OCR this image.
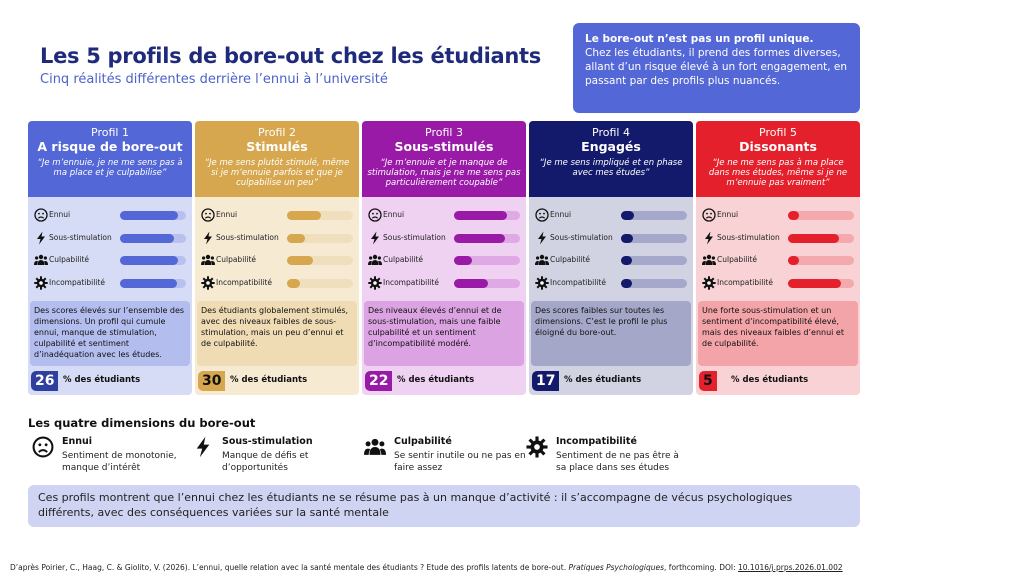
Les 5 profils de bore-out chez les étudiants
Cinq réalités différentes derrière l’ennui à l’université
Le bore-out n’est pas un profil unique.
Chez les étudiants, il prend des formes diverses, allant d’un risque élevé à un fort engagement, en passant par des profils plus nuancés.
Profil 1
A risque de bore-out
“Je m’ennuie, je ne me sens pas à ma place et je culpabilise”
Ennui
Sous-stimulation
Culpabilité
Incompatibilité
Des scores élevés sur l’ensemble des dimensions. Un profil qui cumule ennui, manque de stimulation, culpabilité et sentiment d’inadéquation avec les études.
26	% des étudiants
Profil 2
Stimulés
“Je me sens plutôt stimulé, même si je m’ennuie parfois et que je culpabilise un peu”
Ennui
Sous-stimulation
Culpabilité
Incompatibilité
Des étudiants globalement stimulés, avec des niveaux faibles de sous-stimulation, mais un peu d’ennui et de culpabilité.
30	% des étudiants
Profil 3
Sous-stimulés
“Je m’ennuie et je manque de stimulation, mais je ne me sens pas particulièrement coupable”
Ennui
Sous-stimulation
Culpabilité
Incompatibilité
Des niveaux élevés d’ennui et de sous-stimulation, mais une faible culpabilité et un sentiment d’incompatibilité modéré.
22	% des étudiants
Profil 4
Engagés
“Je me sens impliqué et en phase avec mes études”
Ennui
Sous-stimulation
Culpabilité
Incompatibilité
Des scores faibles sur toutes les dimensions. C’est le profil le plus éloigné du bore-out.
17	% des étudiants
Profil 5
Dissonants
“Je ne me sens pas à ma place dans mes études, même si je ne m’ennuie pas vraiment”
Ennui
Sous-stimulation
Culpabilité
Incompatibilité
Une forte sous-stimulation et un sentiment d’incompatibilité élevé, mais des niveaux faibles d’ennui et de culpabilité.
5	% des étudiants
Les quatre dimensions du bore-out
Ennui
Sentiment de monotonie, manque d’intérêt
Sous-stimulation
Manque de défis et d’opportunités
Culpabilité
Se sentir inutile ou ne pas en faire assez
Incompatibilité
Sentiment de ne pas être à sa place dans ses études
Ces profils montrent que l’ennui chez les étudiants ne se résume pas à un manque d’activité : il s’accompagne de vécus psychologiques différents, avec des conséquences variées sur la santé mentale
D’après Poirier, C., Haag, C. & Giolito, V. (2026). L’ennui, quelle relation avec la santé mentale des étudiants ? Etude des profils latents de bore-out. Pratiques Psychologiques, forthcoming. DOI: 10.1016/j.prps.2026.01.002
